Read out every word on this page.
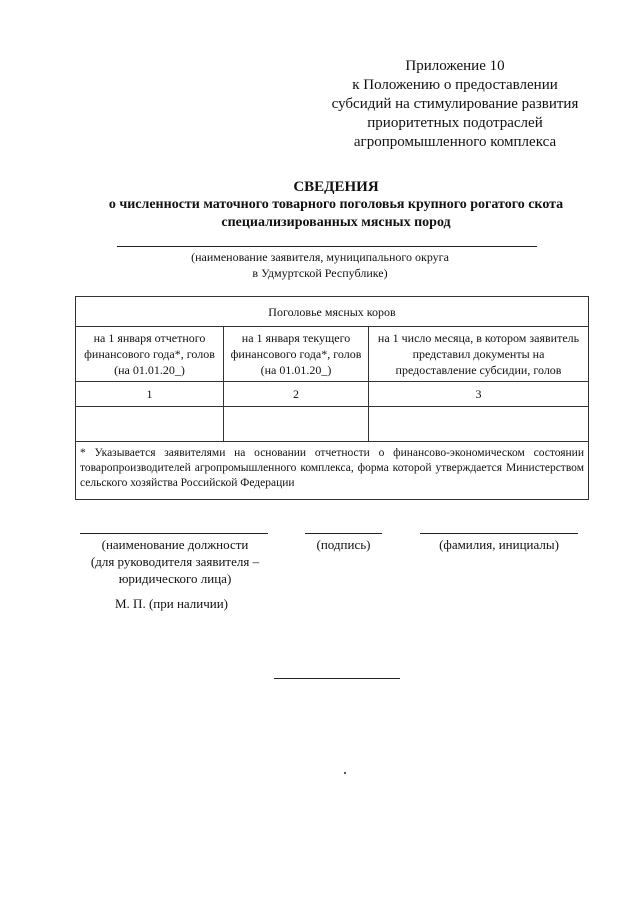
Приложение 10
к Положению о предоставлении
субсидий на стимулирование развития
приоритетных подотраслей
агропромышленного комплекса
СВЕДЕНИЯ
о численности маточного товарного поголовья крупного рогатого скота
специализированных мясных пород
(наименование заявителя, муниципального округа
в Удмуртской Республике)
Поголовье мясных коров		
на 1 января отчетного финансового года*, голов (на 01.01.20_)	на 1 января текущего финансового года*, голов (на 01.01.20_)	на 1 число месяца, в котором заявитель представил документы на предоставление субсидии, голов
1	2	3

* Указывается заявителями на основании отчетности о финансово-экономическом состоянии товаропроизводителей агропромышленного комплекса, форма которой утверждается Министерством сельского хозяйства Российской Федерации		
(наименование должности
(для руководителя заявителя –
юридического лица)
(подпись)	(фамилия, инициалы)
М. П. (при наличии)
